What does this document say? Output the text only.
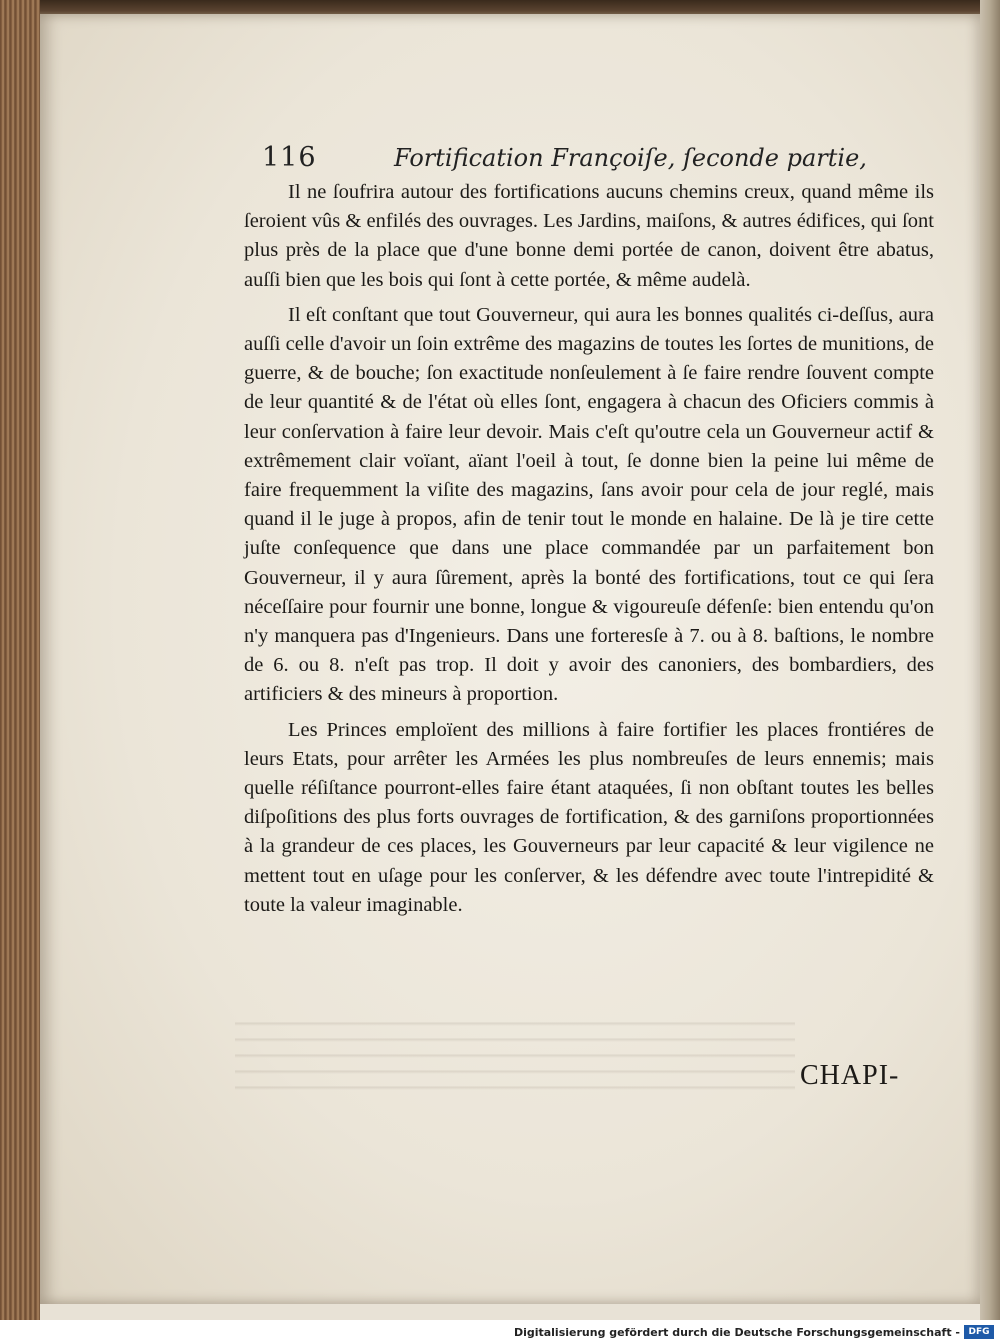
116	Fortification Françoiſe, ſeconde partie,

Il ne ſoufrira autour des fortifications aucuns chemins creux, quand même ils ſeroient vûs & enfilés des ouvrages. Les Jardins, maiſons, & autres édifices, qui ſont plus près de la place que d'une bonne demi portée de canon, doivent être abatus, auſſi bien que les bois qui ſont à cette portée, & même audelà.

Il eſt conſtant que tout Gouverneur, qui aura les bonnes qualités ci-deſſus, aura auſſi celle d'avoir un ſoin extrême des magazins de toutes les ſortes de munitions, de guerre, & de bouche; ſon exactitude nonſeulement à ſe faire rendre ſouvent compte de leur quantité & de l'état où elles ſont, engagera à chacun des Oficiers commis à leur conſervation à faire leur devoir. Mais c'eſt qu'outre cela un Gouverneur actif & extrêmement clair voïant, aïant l'oeil à tout, ſe donne bien la peine lui même de faire frequemment la viſite des magazins, ſans avoir pour cela de jour reglé, mais quand il le juge à propos, afin de tenir tout le monde en halaine. De là je tire cette juſte conſequence que dans une place commandée par un parfaitement bon Gouverneur, il y aura ſûrement, après la bonté des fortifications, tout ce qui ſera néceſſaire pour fournir une bonne, longue & vigoureuſe défenſe: bien entendu qu'on n'y manquera pas d'Ingenieurs. Dans une forteresſe à 7. ou à 8. baſtions, le nombre de 6. ou 8. n'eſt pas trop. Il doit y avoir des canoniers, des bombardiers, des artificiers & des mineurs à proportion.

Les Princes emploïent des millions à faire fortifier les places frontiéres de leurs Etats, pour arrêter les Armées les plus nombreuſes de leurs ennemis; mais quelle réſiſtance pourront-elles faire étant ataquées, ſi non obſtant toutes les belles diſpoſitions des plus forts ouvrages de fortification, & des garniſons proportionnées à la grandeur de ces places, les Gouverneurs par leur capacité & leur vigilence ne mettent tout en uſage pour les conſerver, & les défendre avec toute l'intrepidité & toute la valeur imaginable.

CHAPI-
Digitalisierung gefördert durch die Deutsche Forschungsgemeinschaft - DFG
